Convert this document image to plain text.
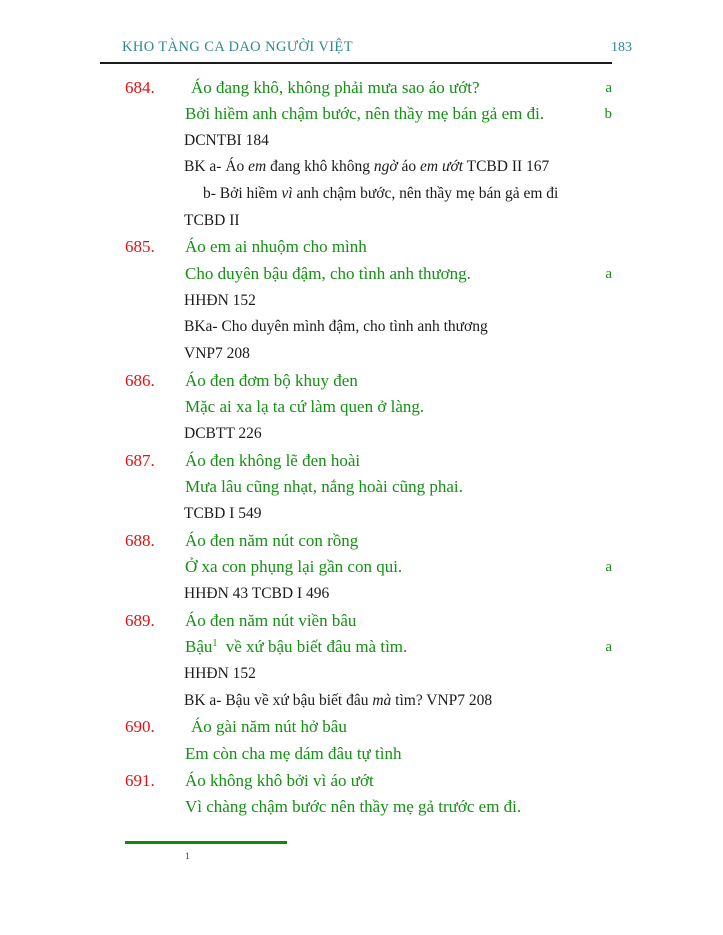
KHO TÀNG CA DAO NGƯỜI VIỆT	183
684. Áo đang khô, không phải mưa sao áo ướt?	a
Bởi hiềm anh chậm bước, nên thầy mẹ bán gả em đi.	b
DCNTBI 184
BK a- Áo em đang khô không ngờ áo em ướt TCBD II 167
b- Bởi hiềm vì anh chậm bước, nên thầy mẹ bán gả em đi
TCBD II
685. Áo em ai nhuộm cho mình
Cho duyên bậu đậm, cho tình anh thương.	a
HHĐN 152
BKa- Cho duyên mình đậm, cho tình anh thương
VNP7 208
686. Áo đen đơm bộ khuy đen
Mặc ai xa lạ ta cứ làm quen ở làng.
DCBTT 226
687. Áo đen không lẽ đen hoài
Mưa lâu cũng nhạt, nắng hoài cũng phai.
TCBD I 549
688. Áo đen năm nút con rồng
Ở xa con phụng lại gần con qui.	a
HHĐN 43 TCBD I 496
689. Áo đen năm nút viền bâu
Bậu$^1$ về xứ bậu biết đâu mà tìm.	a
HHĐN 152
BK a- Bậu về xứ bậu biết đâu mà tìm? VNP7 208
690. Áo gài năm nút hở bâu
Em còn cha mẹ dám đâu tự tình
691. Áo không khô bởi vì áo ướt
Vì chàng chậm bước nên thầy mẹ gả trước em đi.
1
